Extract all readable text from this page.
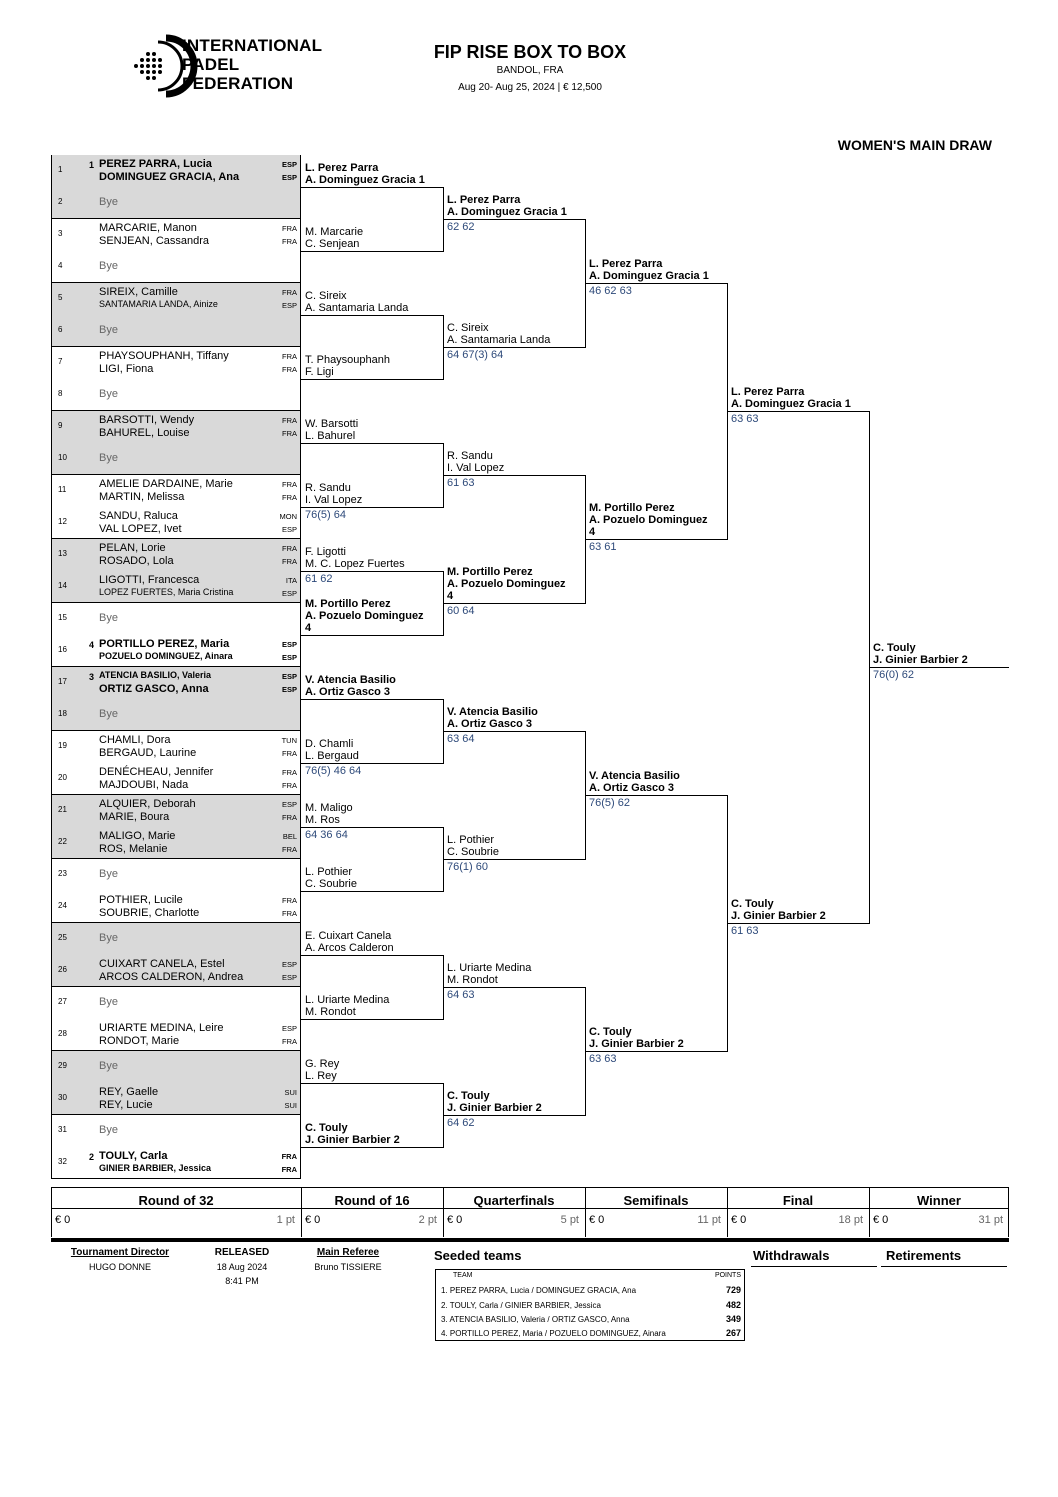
INTERNATIONAL
PADEL
FEDERATION
FIP RISE BOX TO BOX
BANDOL, FRA
Aug 20- Aug 25, 2024 | € 12,500
WOMEN'S MAIN DRAW
1	1 PEREZ PARRA, Lucia	ESP
DOMINGUEZ GRACIA, Ana	ESP
2	Bye
3	MARCARIE, Manon	FRA
SENJEAN, Cassandra	FRA
4	Bye
5	SIREIX, Camille	FRA
SANTAMARIA LANDA, Ainize	ESP
6	Bye
7	PHAYSOUPHANH, Tiffany	FRA
LIGI, Fiona	FRA
8	Bye
9	BARSOTTI, Wendy	FRA
BAHUREL, Louise	FRA
10	Bye
11	AMELIE DARDAINE, Marie	FRA
MARTIN, Melissa	FRA
12	SANDU, Raluca	MON
VAL LOPEZ, Ivet	ESP
13	PELAN, Lorie	FRA
ROSADO, Lola	FRA
14	LIGOTTI, Francesca	ITA
LOPEZ FUERTES, Maria Cristina	ESP
15	Bye
16 4 PORTILLO PEREZ, Maria	ESP
POZUELO DOMINGUEZ, Ainara	ESP
17 3 ATENCIA BASILIO, Valeria	ESP
ORTIZ GASCO, Anna	ESP
18	Bye
19	CHAMLI, Dora	TUN
BERGAUD, Laurine	FRA
20	DENÉCHEAU, Jennifer	FRA
MAJDOUBI, Nada	FRA
21	ALQUIER, Deborah	ESP
MARIE, Boura	FRA
22	MALIGO, Marie	BEL
ROS, Melanie	FRA
23	Bye
24	POTHIER, Lucile	FRA
SOUBRIE, Charlotte	FRA
25	Bye
26	CUIXART CANELA, Estel	ESP
ARCOS CALDERON, Andrea	ESP
27	Bye
28	URIARTE MEDINA, Leire	ESP
RONDOT, Marie	FRA
29	Bye
30	REY, Gaelle	SUI
REY, Lucie	SUI
31	Bye
32 2 TOULY, Carla	FRA
GINIER BARBIER, Jessica	FRA
L. Perez Parra
A. Dominguez Gracia 1
M. Marcarie
C. Senjean
C. Sireix
A. Santamaria Landa
T. Phaysouphanh
F. Ligi
W. Barsotti
L. Bahurel
R. Sandu
I. Val Lopez
76(5) 64
F. Ligotti
M. C. Lopez Fuertes
61 62
M. Portillo Perez
A. Pozuelo Dominguez
4
V. Atencia Basilio
A. Ortiz Gasco 3
D. Chamli
L. Bergaud
76(5) 46 64
M. Maligo
M. Ros
64 36 64
L. Pothier
C. Soubrie
E. Cuixart Canela
A. Arcos Calderon
L. Uriarte Medina
M. Rondot
G. Rey
L. Rey
C. Touly
J. Ginier Barbier 2
L. Perez Parra
A. Dominguez Gracia 1
62 62
C. Sireix
A. Santamaria Landa
64 67(3) 64
R. Sandu
I. Val Lopez
61 63
M. Portillo Perez
A. Pozuelo Dominguez
4
60 64
V. Atencia Basilio
A. Ortiz Gasco 3
63 64
L. Pothier
C. Soubrie
76(1) 60
L. Uriarte Medina
M. Rondot
64 63
C. Touly
J. Ginier Barbier 2
64 62
L. Perez Parra
A. Dominguez Gracia 1
46 62 63
M. Portillo Perez
A. Pozuelo Dominguez
4
63 61
V. Atencia Basilio
A. Ortiz Gasco 3
76(5) 62
C. Touly
J. Ginier Barbier 2
63 63
L. Perez Parra
A. Dominguez Gracia 1
63 63
C. Touly
J. Ginier Barbier 2
61 63
C. Touly
J. Ginier Barbier 2
76(0) 62
Round of 32
€ 0	1 pt
Round of 16
€ 0	2 pt
Quarterfinals
€ 0	5 pt
Semifinals
€ 0	11 pt
Final
€ 0	18 pt
Winner
€ 0	31 pt
Tournament Director
HUGO DONNE
RELEASED
18 Aug 2024
8:41 PM
Main Referee
Bruno TISSIERE
Seeded teams
TEAM	POINTS
1. PEREZ PARRA, Lucia / DOMINGUEZ GRACIA, Ana	729
2. TOULY, Carla / GINIER BARBIER, Jessica	482
3. ATENCIA BASILIO, Valeria / ORTIZ GASCO, Anna	349
4. PORTILLO PEREZ, Maria / POZUELO DOMINGUEZ, Ainara	267
Withdrawals	Retirements
